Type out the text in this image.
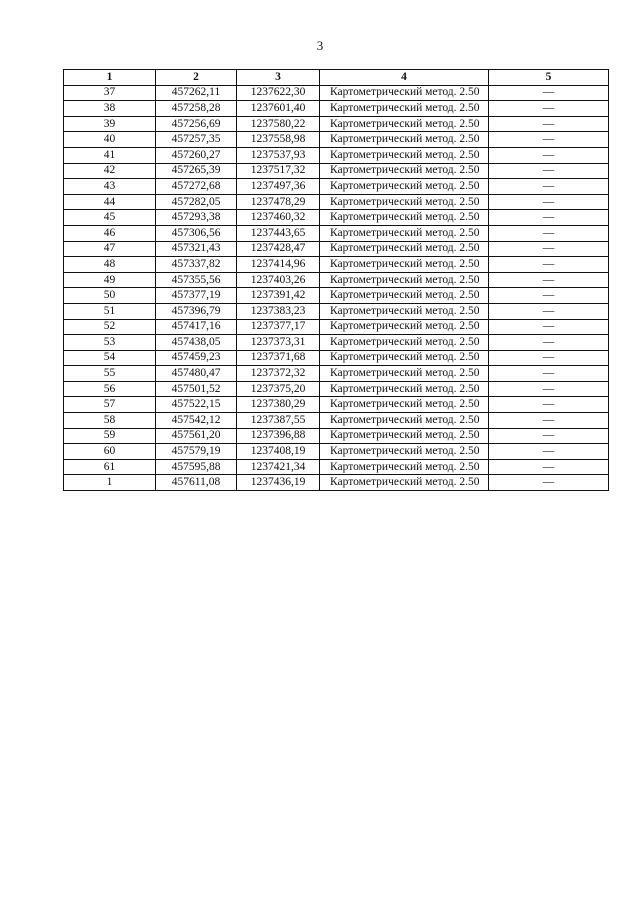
3
1	2	3	4	5
37	457262,11	1237622,30	Картометрический метод. 2.50	—
38	457258,28	1237601,40	Картометрический метод. 2.50	—
39	457256,69	1237580,22	Картометрический метод. 2.50	—
40	457257,35	1237558,98	Картометрический метод. 2.50	—
41	457260,27	1237537,93	Картометрический метод. 2.50	—
42	457265,39	1237517,32	Картометрический метод. 2.50	—
43	457272,68	1237497,36	Картометрический метод. 2.50	—
44	457282,05	1237478,29	Картометрический метод. 2.50	—
45	457293,38	1237460,32	Картометрический метод. 2.50	—
46	457306,56	1237443,65	Картометрический метод. 2.50	—
47	457321,43	1237428,47	Картометрический метод. 2.50	—
48	457337,82	1237414,96	Картометрический метод. 2.50	—
49	457355,56	1237403,26	Картометрический метод. 2.50	—
50	457377,19	1237391,42	Картометрический метод. 2.50	—
51	457396,79	1237383,23	Картометрический метод. 2.50	—
52	457417,16	1237377,17	Картометрический метод. 2.50	—
53	457438,05	1237373,31	Картометрический метод. 2.50	—
54	457459,23	1237371,68	Картометрический метод. 2.50	—
55	457480,47	1237372,32	Картометрический метод. 2.50	—
56	457501,52	1237375,20	Картометрический метод. 2.50	—
57	457522,15	1237380,29	Картометрический метод. 2.50	—
58	457542,12	1237387,55	Картометрический метод. 2.50	—
59	457561,20	1237396,88	Картометрический метод. 2.50	—
60	457579,19	1237408,19	Картометрический метод. 2.50	—
61	457595,88	1237421,34	Картометрический метод. 2.50	—
1	457611,08	1237436,19	Картометрический метод. 2.50	—
